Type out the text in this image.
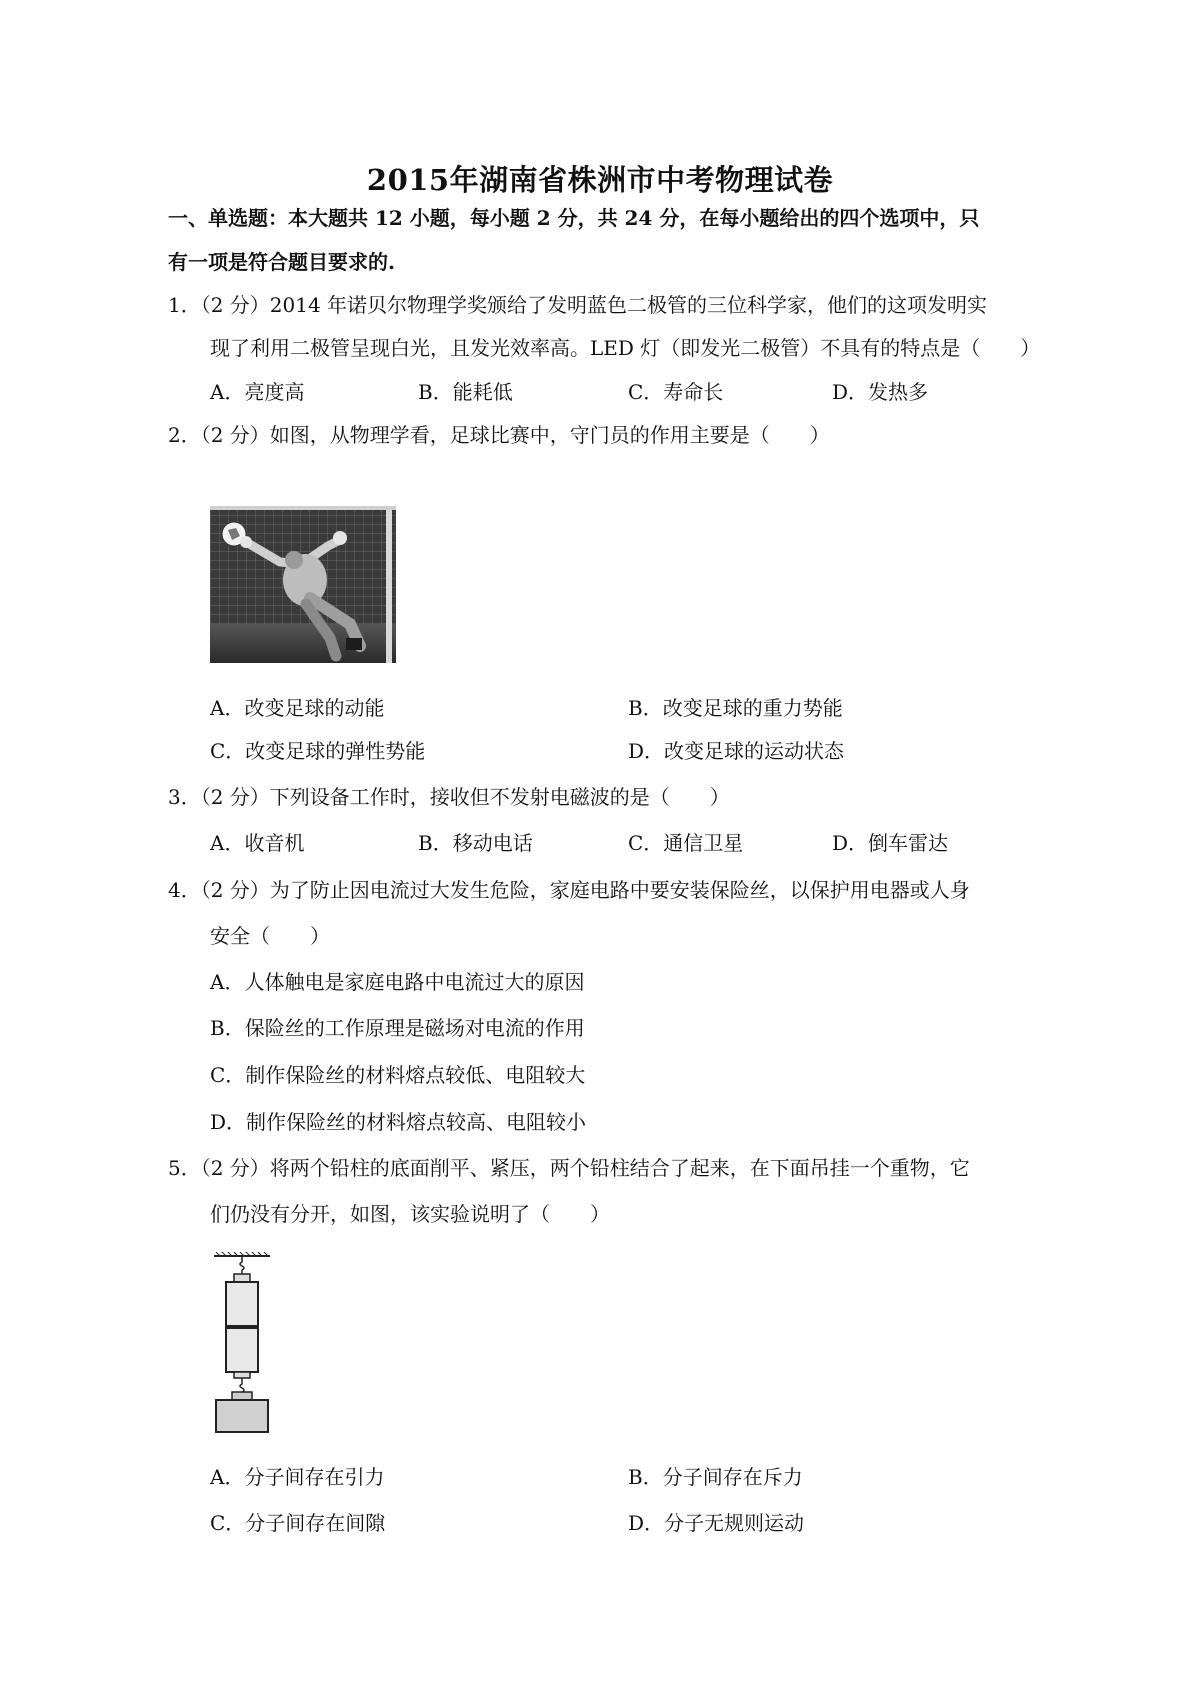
2015年湖南省株洲市中考物理试卷
一、单选题：本大题共 12 小题，每小题 2 分，共 24 分，在每小题给出的四个选项中，只
有一项是符合题目要求的.
1．（2 分）2014 年诺贝尔物理学奖颁给了发明蓝色二极管的三位科学家，他们的这项发明实
现了利用二极管呈现白光，且发光效率高。LED 灯（即发光二极管）不具有的特点是（　　）
A．亮度高	B．能耗低	C．寿命长	D．发热多
2．（2 分）如图，从物理学看，足球比赛中，守门员的作用主要是（　　）
A．改变足球的动能	B．改变足球的重力势能
C．改变足球的弹性势能	D．改变足球的运动状态
3．（2 分）下列设备工作时，接收但不发射电磁波的是（　　）
A．收音机	B．移动电话	C．通信卫星	D．倒车雷达
4．（2 分）为了防止因电流过大发生危险，家庭电路中要安装保险丝，以保护用电器或人身
安全（　　）
A．人体触电是家庭电路中电流过大的原因
B．保险丝的工作原理是磁场对电流的作用
C．制作保险丝的材料熔点较低、电阻较大
D．制作保险丝的材料熔点较高、电阻较小
5．（2 分）将两个铅柱的底面削平、紧压，两个铅柱结合了起来，在下面吊挂一个重物，它
们仍没有分开，如图，该实验说明了（　　）
A．分子间存在引力	B．分子间存在斥力
C．分子间存在间隙	D．分子无规则运动
